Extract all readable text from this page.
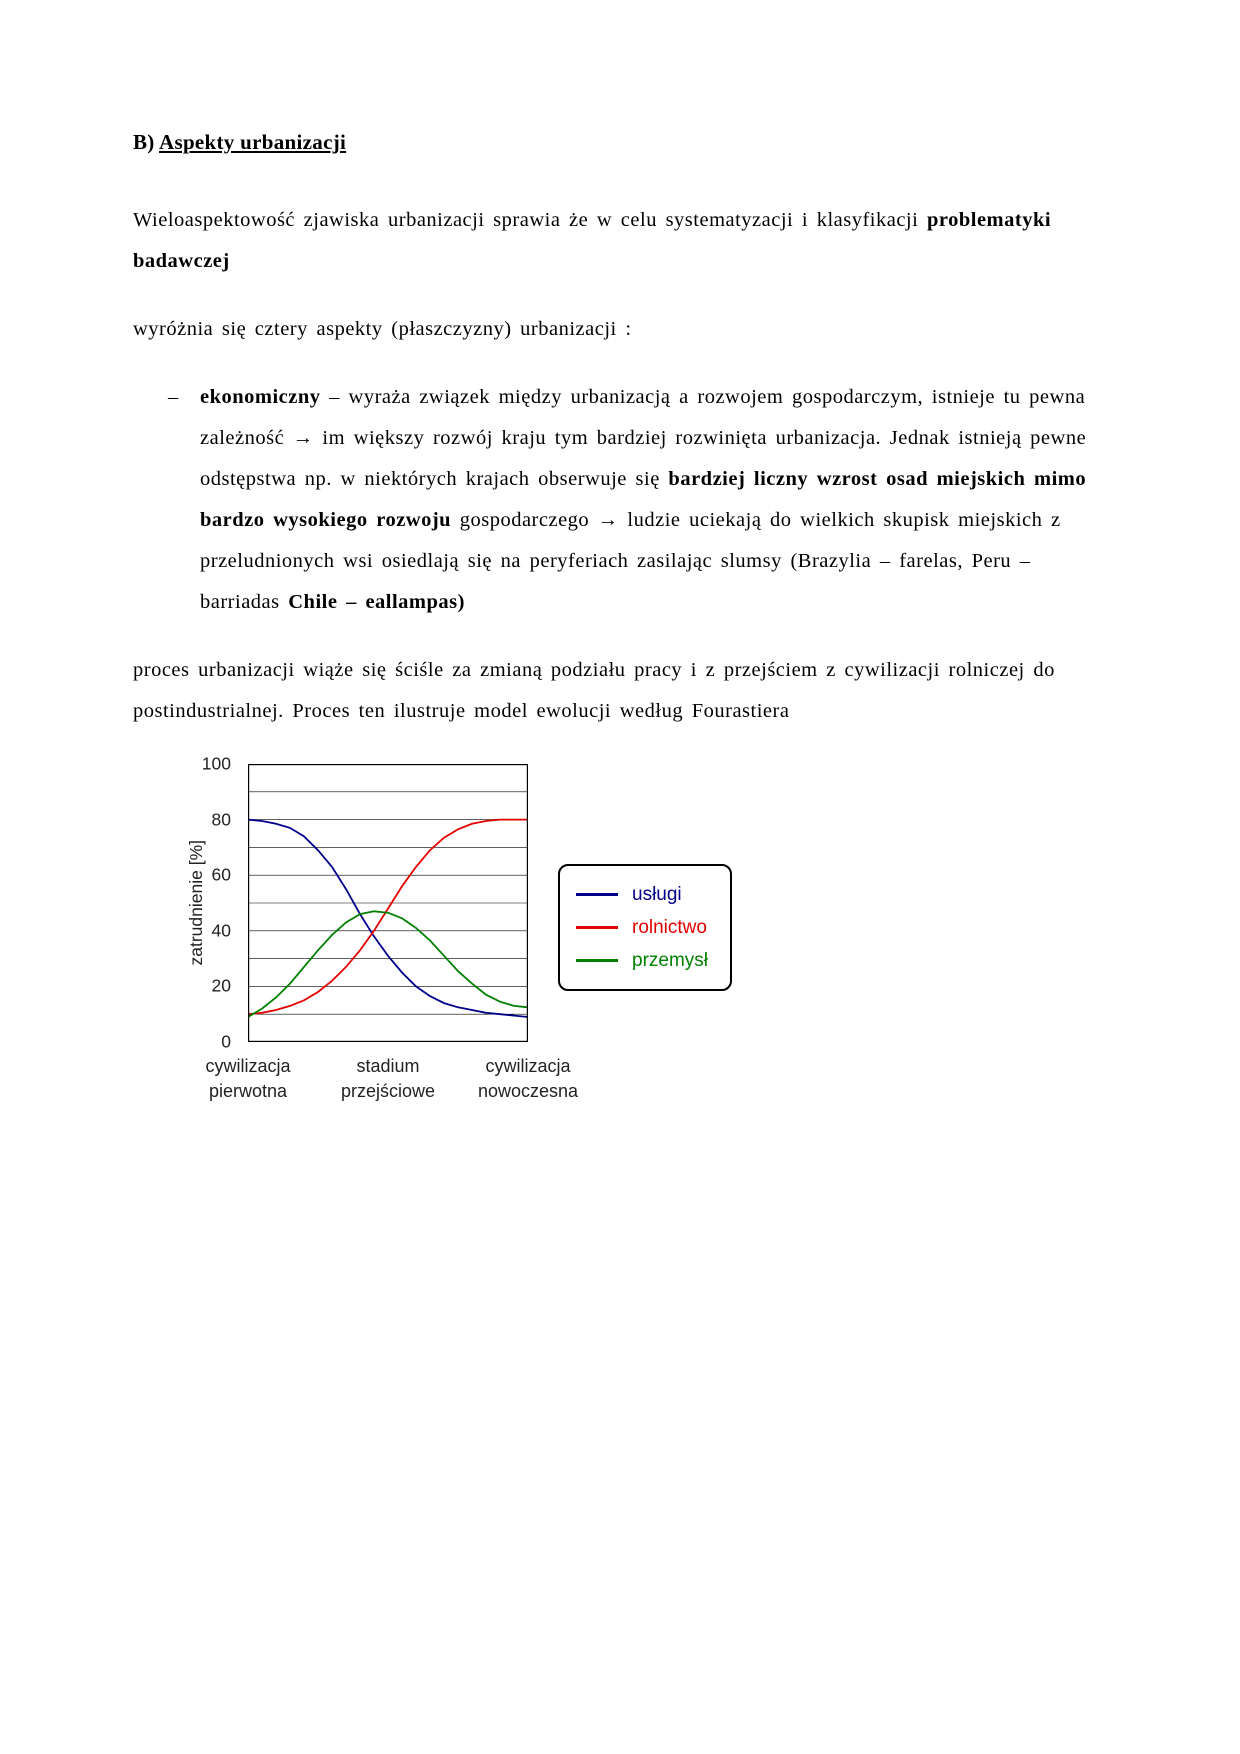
B) Aspekty urbanizacji

Wieloaspektowość zjawiska urbanizacji sprawia że w celu systematyzacji i klasyfikacji problematyki badawczej

wyróżnia się cztery aspekty (płaszczyzny) urbanizacji :

– ekonomiczny – wyraża związek między urbanizacją a rozwojem gospodarczym, istnieje tu pewna zależność → im większy rozwój kraju tym bardziej rozwinięta urbanizacja. Jednak istnieją pewne odstępstwa np. w niektórych krajach obserwuje się bardziej liczny wzrost osad miejskich mimo bardzo wysokiego rozwoju gospodarczego → ludzie uciekają do wielkich skupisk miejskich z przeludnionych wsi osiedlają się na peryferiach zasilając slumsy (Brazylia – farelas, Peru – barriadas Chile – eallampas)

proces urbanizacji wiąże się ściśle za zmianą podziału pracy i z przejściem z cywilizacji rolniczej do postindustrialnej. Proces ten ilustruje model ewolucji według Fourastiera

zatrudnienie [%]
100
80
60
40
20
0
cywilizacja
pierwotna
stadium
przejściowe
cywilizacja
nowoczesna
usługi
rolnictwo
przemysł
